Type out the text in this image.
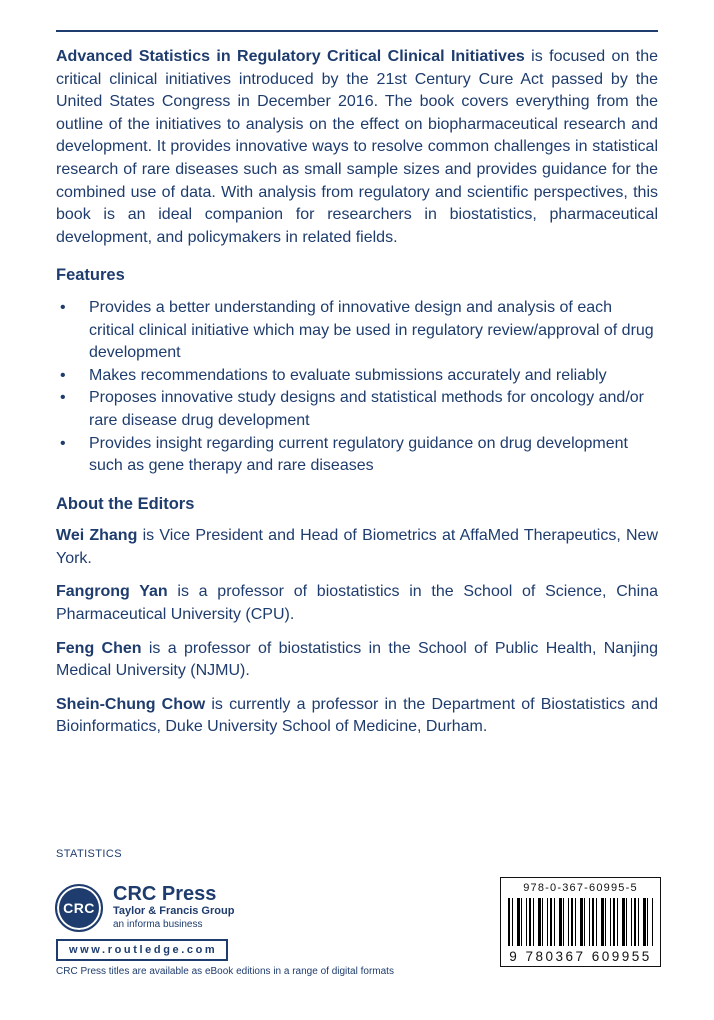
Advanced Statistics in Regulatory Critical Clinical Initiatives is focused on the critical clinical initiatives introduced by the 21st Century Cure Act passed by the United States Congress in December 2016. The book covers everything from the outline of the initiatives to analysis on the effect on biopharmaceutical research and development. It provides innovative ways to resolve common challenges in statistical research of rare diseases such as small sample sizes and provides guidance for the combined use of data. With analysis from regulatory and scientific perspectives, this book is an ideal companion for researchers in biostatistics, pharmaceutical development, and policymakers in related fields.

Features
• Provides a better understanding of innovative design and analysis of each critical clinical initiative which may be used in regulatory review/approval of drug development
• Makes recommendations to evaluate submissions accurately and reliably
• Proposes innovative study designs and statistical methods for oncology and/or rare disease drug development
• Provides insight regarding current regulatory guidance on drug development such as gene therapy and rare diseases
About the Editors

Wei Zhang is Vice President and Head of Biometrics at AffaMed Therapeutics, New York.

Fangrong Yan is a professor of biostatistics in the School of Science, China Pharmaceutical University (CPU).

Feng Chen is a professor of biostatistics in the School of Public Health, Nanjing Medical University (NJMU).

Shein-Chung Chow is currently a professor in the Department of Biostatistics and Bioinformatics, Duke University School of Medicine, Durham.

STATISTICS
CRC
CRC Press
Taylor & Francis Group
an informa business
www.routledge.com
CRC Press titles are available as eBook editions in a range of digital formats
978-0-367-60995-5
9 780367 609955
